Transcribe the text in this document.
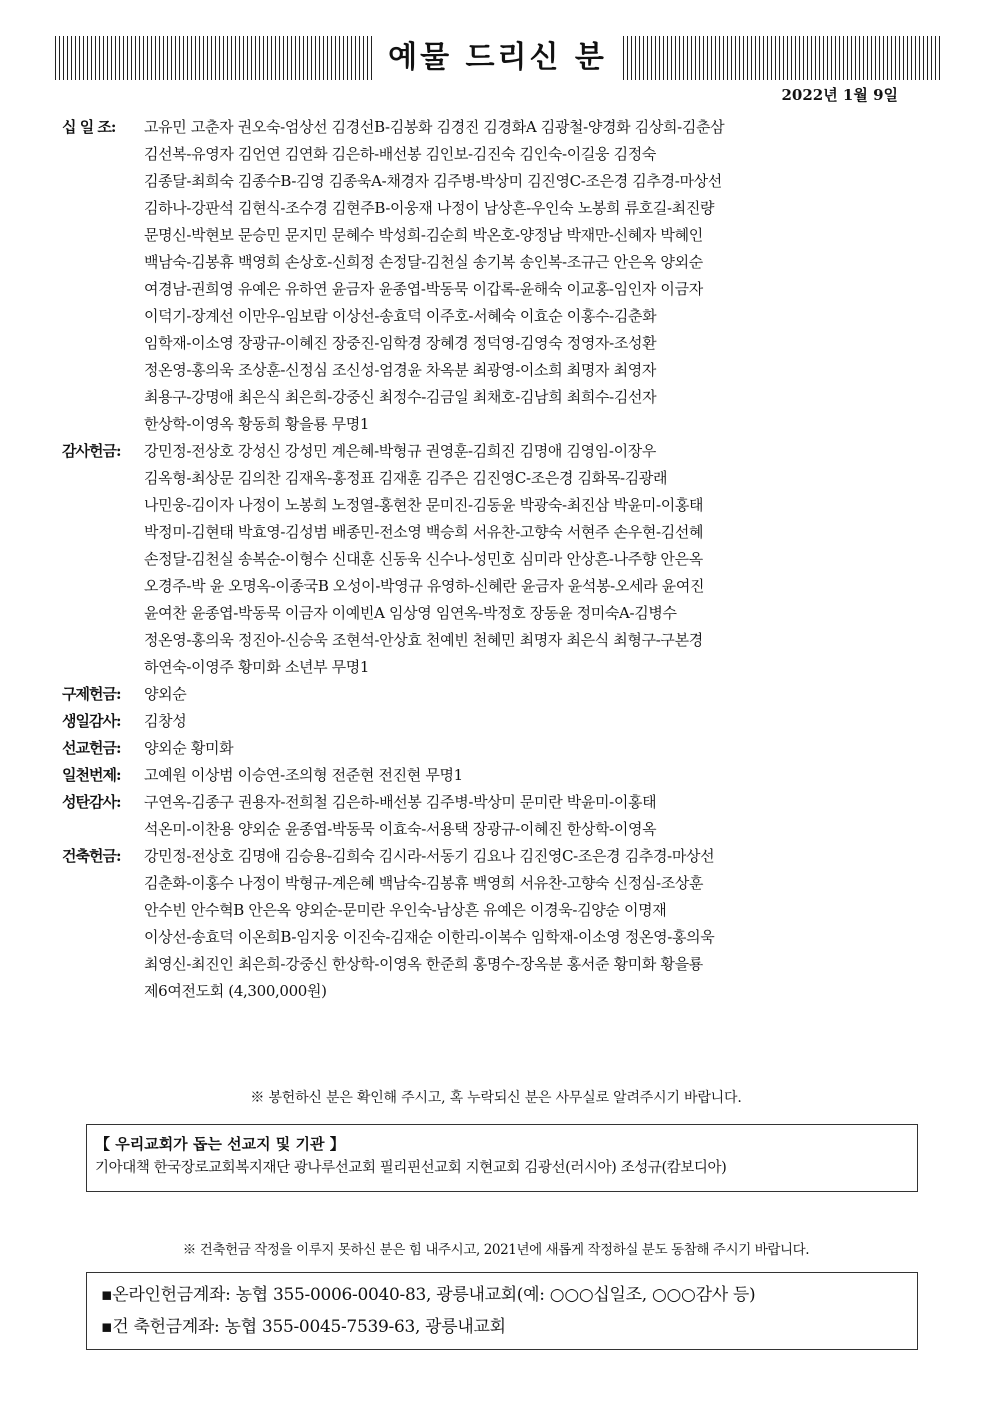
예물 드리신 분
2022년 1월 9일
십 일 조: 고유민 고춘자 권오숙-엄상선 김경선B-김봉화 김경진 김경화A 김광철-양경화 김상희-김춘삼
김선복-유영자 김언연 김연화 김은하-배선봉 김인보-김진숙 김인숙-이길웅 김정숙
김종달-최희숙 김종수B-김영 김종욱A-채경자 김주병-박상미 김진영C-조은경 김추경-마상선
김하나-강판석 김현식-조수경 김현주B-이웅재 나정이 남상흔-우인숙 노봉희 류호길-최진량
문명신-박현보 문승민 문지민 문혜수 박성희-김순희 박온호-양정남 박재만-신혜자 박혜인
백남숙-김봉휴 백영희 손상호-신희정 손정달-김천실 송기복 송인복-조규근 안은옥 양외순
여경남-권희영 유예은 유하연 윤금자 윤종엽-박동묵 이갑록-윤해숙 이교홍-임인자 이금자
이덕기-장계선 이만우-임보람 이상선-송효덕 이주호-서혜숙 이효순 이홍수-김춘화
임학재-이소영 장광규-이혜진 장중진-임학경 장혜경 정덕영-김영숙 정영자-조성환
정온영-홍의욱 조상훈-신정심 조신성-엄경윤 차옥분 최광영-이소희 최명자 최영자
최용구-강명애 최은식 최은희-강중신 최정수-김금일 최채호-김남희 최희수-김선자
한상학-이영옥 황동희 황을룡 무명1
감사헌금: 강민정-전상호 강성신 강성민 계은혜-박형규 권영훈-김희진 김명애 김영임-이장우
김옥형-최상문 김의찬 김재옥-홍정표 김재훈 김주은 김진영C-조은경 김화목-김광래
나민웅-김이자 나정이 노봉희 노정열-홍현찬 문미진-김동윤 박광숙-최진삼 박윤미-이홍태
박정미-김현태 박효영-김성범 배종민-전소영 백승희 서유찬-고향숙 서현주 손우현-김선혜
손정달-김천실 송복순-이형수 신대훈 신동욱 신수나-성민호 심미라 안상흔-나주향 안은옥
오경주-박 윤 오명옥-이종국B 오성이-박영규 유영하-신혜란 윤금자 윤석봉-오세라 윤여진
윤여찬 윤종엽-박동묵 이금자 이예빈A 임상영 임연옥-박정호 장동윤 정미숙A-김병수
정온영-홍의욱 정진아-신승욱 조현석-안상효 천예빈 천혜민 최명자 최은식 최형구-구본경
하연숙-이영주 황미화 소년부 무명1
구제헌금: 양외순
생일감사: 김창성
선교헌금: 양외순 황미화
일천번제: 고예원 이상범 이승연-조의형 전준현 전진현 무명1
성탄감사: 구연옥-김종구 권용자-전희철 김은하-배선봉 김주병-박상미 문미란 박윤미-이홍태
석온미-이찬용 양외순 윤종엽-박동묵 이효숙-서용택 장광규-이혜진 한상학-이영옥
건축헌금: 강민정-전상호 김명애 김승용-김희숙 김시라-서동기 김요나 김진영C-조은경 김추경-마상선
김춘화-이홍수 나정이 박형규-계은혜 백남숙-김봉휴 백영희 서유찬-고향숙 신정심-조상훈
안수빈 안수혁B 안은옥 양외순-문미란 우인숙-남상흔 유예은 이경욱-김양순 이명재
이상선-송효덕 이온희B-임지웅 이진숙-김재순 이한리-이복수 임학재-이소영 정온영-홍의욱
최영신-최진인 최은희-강중신 한상학-이영옥 한준희 홍명수-장옥분 홍서준 황미화 황을룡
제6여전도회 (4,300,000원)
※ 봉헌하신 분은 확인해 주시고, 혹 누락되신 분은 사무실로 알려주시기 바랍니다.
【 우리교회가 돕는 선교지 및 기관 】
기아대책 한국장로교회복지재단 광나루선교회 필리핀선교회 지현교회 김광선(러시아) 조성규(캄보디아)
※ 건축헌금 작정을 이루지 못하신 분은 힘 내주시고, 2021년에 새롭게 작정하실 분도 동참해 주시기 바랍니다.
▪온라인헌금계좌: 농협 355-0006-0040-83, 광릉내교회(예: ○○○십일조, ○○○감사 등)
▪건 축헌금계좌: 농협 355-0045-7539-63, 광릉내교회
